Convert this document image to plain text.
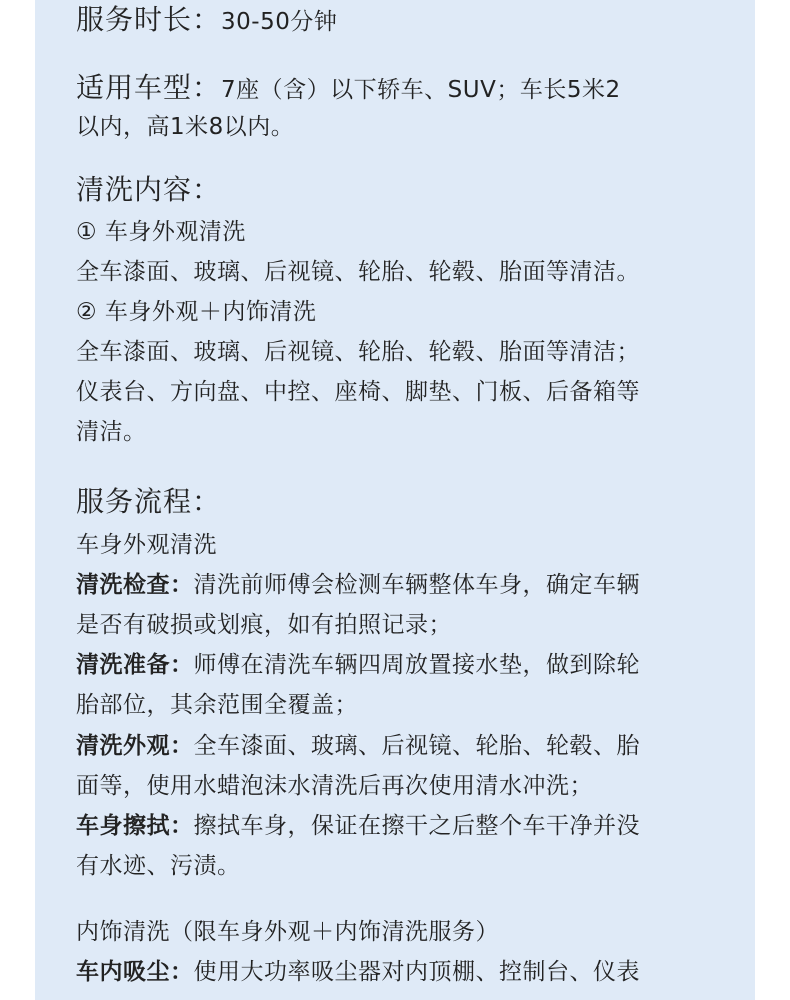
服务时长：30-50分钟
适用车型：7座（含）以下轿车、SUV；车长5米2
以内，高1米8以内。
清洗内容：
① 车身外观清洗
全车漆面、玻璃、后视镜、轮胎、轮毂、胎面等清洁。
② 车身外观＋内饰清洗
全车漆面、玻璃、后视镜、轮胎、轮毂、胎面等清洁；
仪表台、方向盘、中控、座椅、脚垫、门板、后备箱等
清洁。
服务流程：
车身外观清洗
清洗检查：清洗前师傅会检测车辆整体车身，确定车辆
是否有破损或划痕，如有拍照记录；
清洗准备：师傅在清洗车辆四周放置接水垫，做到除轮
胎部位，其余范围全覆盖；
清洗外观：全车漆面、玻璃、后视镜、轮胎、轮毂、胎
面等，使用水蜡泡沫水清洗后再次使用清水冲洗；
车身擦拭：擦拭车身，保证在擦干之后整个车干净并没
有水迹、污渍。
内饰清洗（限车身外观＋内饰清洗服务）
车内吸尘：使用大功率吸尘器对内顶棚、控制台、仪表
